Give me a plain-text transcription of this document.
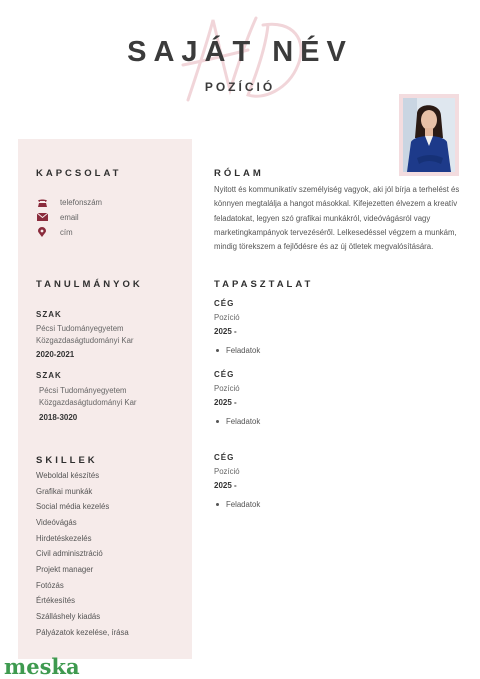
SAJÁT NÉV
POZÍCIÓ
KAPCSOLAT
telefonszám
email
cím
TANULMÁNYOK
SZAK
Pécsi Tudományegyetem
Közgazdaságtudományi Kar
2020-2021
SZAK
Pécsi Tudományegyetem
Közgazdaságtudományi Kar
2018-3020
SKILLEK
Weboldal készítés
Grafikai munkák
Social média kezelés
Videóvágás
Hirdetéskezelés
Civil adminisztráció
Projekt manager
Fotózás
Értékesítés
Szálláshely kiadás
Pályázatok kezelése, írása
RÓLAM
Nyitott és kommunikatív személyiség vagyok, aki jól bírja a terhelést és könnyen megtalálja a hangot másokkal. Kifejezetten élvezem a kreatív feladatokat, legyen szó grafikai munkákról, videóvágásról vagy marketingkampányok tervezéséről. Lelkesedéssel végzem a munkám, mindig törekszem a fejlődésre és az új ötletek megvalósítására.
TAPASZTALAT
CÉG
Pozíció
2025 -
Feladatok
CÉG
Pozíció
2025 -
Feladatok
CÉG
Pozíció
2025 -
Feladatok
meska
